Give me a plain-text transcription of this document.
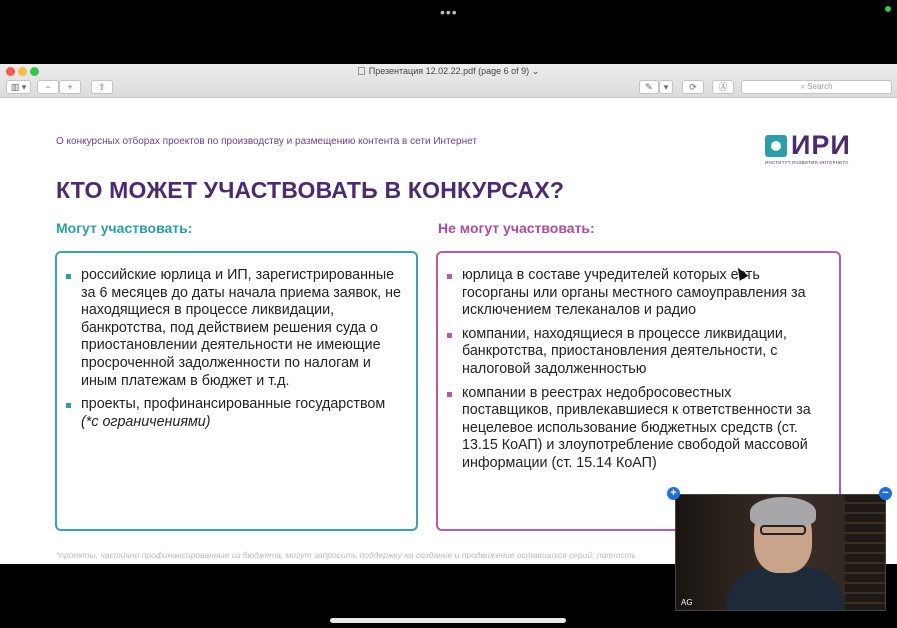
•••
Презентация 12.02.22.pdf (page 6 of 9) ⌄
▥ ▾	−	+	⇧	✎	▾	⟳	Ⓐ	⌕ Search
О конкурсных отборах проектов по производству и размещению контента в сети Интернет	ИРИ
ИНСТИТУТ РАЗВИТИЯ ИНТЕРНЕТА
КТО МОЖЕТ УЧАСТВОВАТЬ В КОНКУРСАХ?
Могут участвовать:	Не могут участвовать:
российские юрлица и ИП, зарегистрированные за 6 месяцев до даты начала приема заявок, не находящиеся в процессе ликвидации, банкротства, под действием решения суда о приостановлении деятельности не имеющие просроченной задолженности по налогам и иным платежам в бюджет и т.д.
проекты, профинансированные государством (*с ограничениями)
юрлица в составе учредителей которых есть госорганы или органы местного самоуправления за исключением телеканалов и радио
компании, находящиеся в процессе ликвидации, банкротства, приостановления деятельности, с налоговой задолженностью
компании в реестрах недобросовестных поставщиков, привлекавшиеся к ответственности за нецелевое использование бюджетных средств (ст. 13.15 КоАП) и злоупотребление свободой массовой информации (ст. 15.14 КоАП)
*проекты, частично профинансированные из бюджета, могут запросить поддержку на создание и продвижение оставшихся серий; полность
AG
+	−
